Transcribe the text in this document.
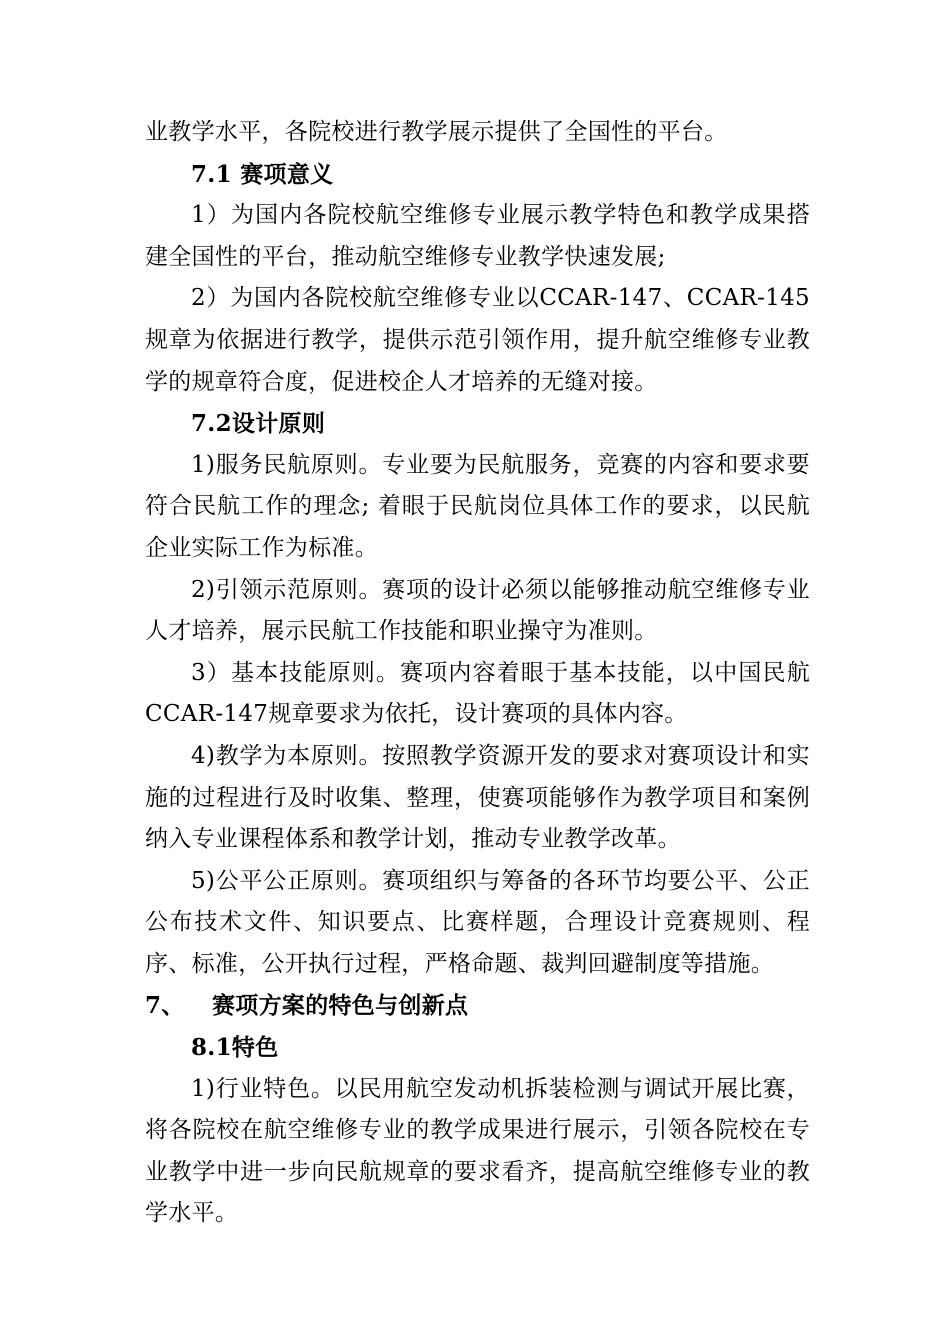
业教学水平，各院校进行教学展示提供了全国性的平台。

7.1 赛项意义

1）为国内各院校航空维修专业展示教学特色和教学成果搭建全国性的平台，推动航空维修专业教学快速发展;

2）为国内各院校航空维修专业以CCAR-147、CCAR-145规章为依据进行教学，提供示范引领作用，提升航空维修专业教学的规章符合度，促进校企人才培养的无缝对接。

7.2设计原则

1)服务民航原则。专业要为民航服务，竞赛的内容和要求要符合民航工作的理念; 着眼于民航岗位具体工作的要求，以民航企业实际工作为标准。

2)引领示范原则。赛项的设计必须以能够推动航空维修专业人才培养，展示民航工作技能和职业操守为准则。

3）基本技能原则。赛项内容着眼于基本技能，以中国民航CCAR-147规章要求为依托，设计赛项的具体内容。

4)教学为本原则。按照教学资源开发的要求对赛项设计和实施的过程进行及时收集、整理，使赛项能够作为教学项目和案例纳入专业课程体系和教学计划，推动专业教学改革。

5)公平公正原则。赛项组织与筹备的各环节均要公平、公正公布技术文件、知识要点、比赛样题，合理设计竞赛规则、程序、标准，公开执行过程，严格命题、裁判回避制度等措施。

7、 赛项方案的特色与创新点

8.1特色

1)行业特色。以民用航空发动机拆装检测与调试开展比赛，将各院校在航空维修专业的教学成果进行展示，引领各院校在专业教学中进一步向民航规章的要求看齐，提高航空维修专业的教学水平。
